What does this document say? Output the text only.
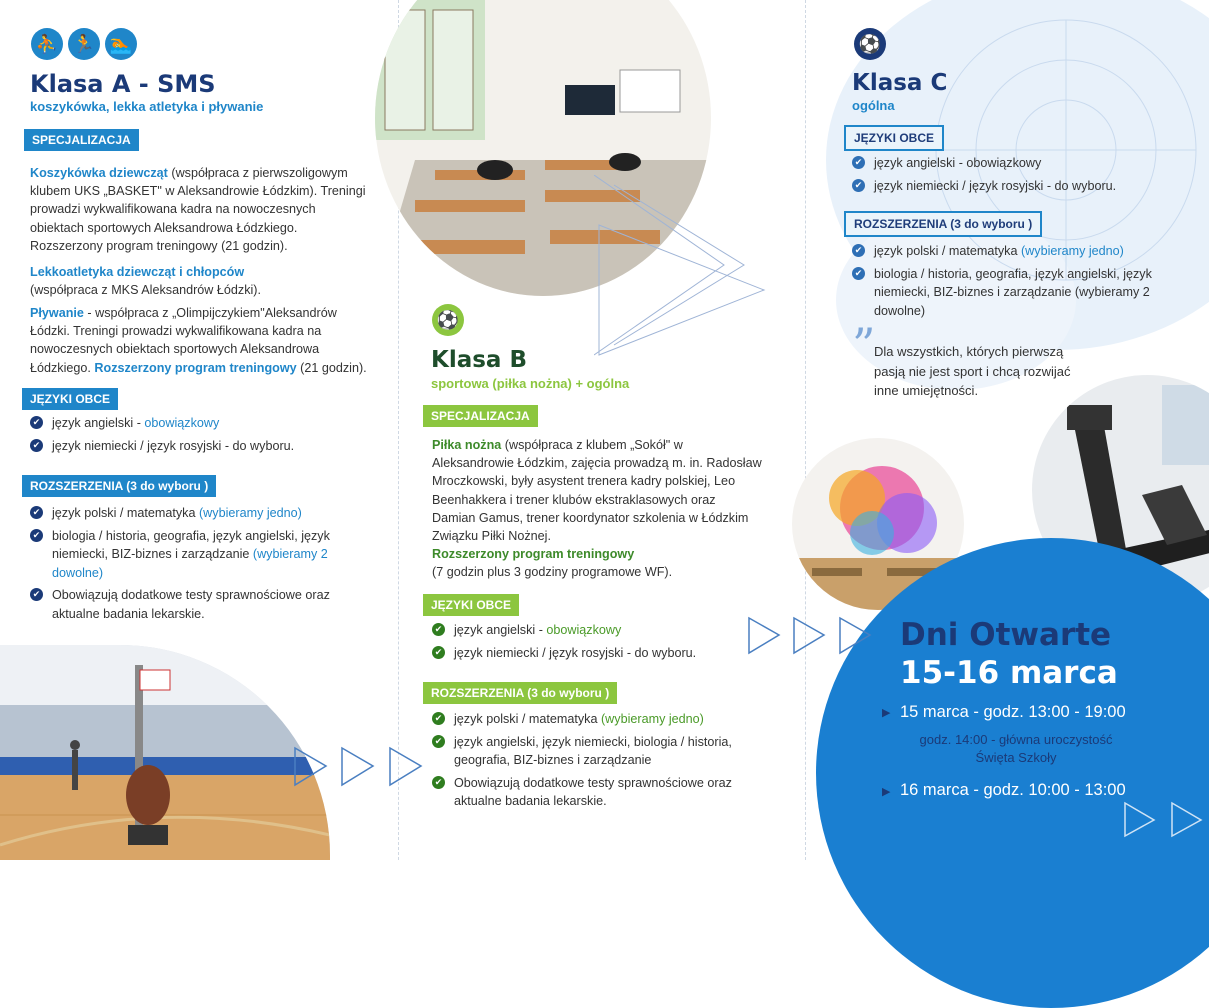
⛹ 🏃 🏊
Klasa A - SMS
koszykówka, lekka atletyka i pływanie
SPECJALIZACJA

Koszykówka dziewcząt (współpraca z pierwszoligowym klubem UKS „BASKET" w Aleksandrowie Łódzkim). Treningi prowadzi wykwalifikowana kadra na nowoczesnych obiektach sportowych Aleksandrowa Łódzkiego. Rozszerzony program treningowy (21 godzin).

Lekkoatletyka dziewcząt i chłopców
(współpraca z MKS Aleksandrów Łódzki).

Pływanie - współpraca z „Olimpijczykiem"Aleksandrów Łódzki. Treningi prowadzi wykwalifikowana kadra na nowoczesnych obiektach sportowych Aleksandrowa Łódzkiego. Rozszerzony program treningowy (21 godzin).

JĘZYKI OBCE
✔ język angielski - obowiązkowy
✔ język niemiecki / język rosyjski - do wyboru.
ROZSZERZENIA (3 do wyboru )
✔ język polski / matematyka (wybieramy jedno)
✔ biologia / historia, geografia, język angielski, język niemiecki, BIZ-biznes i zarządzanie (wybieramy 2 dowolne)
✔ Obowiązują dodatkowe testy sprawnościowe oraz aktualne badania lekarskie.
⚽
Klasa B
sportowa (piłka nożna) + ogólna
SPECJALIZACJA

Piłka nożna (współpraca z klubem „Sokół" w Aleksandrowie Łódzkim, zajęcia prowadzą m. in. Radosław Mroczkowski, były asystent trenera kadry polskiej, Leo Beenhakkera i trener klubów ekstraklasowych oraz Damian Gamus, trener koordynator szkolenia w Łódzkim Związku Piłki Nożnej.
Rozszerzony program treningowy
(7 godzin plus 3 godziny programowe WF).

JĘZYKI OBCE
✔ język angielski - obowiązkowy
✔ język niemiecki / język rosyjski - do wyboru.
ROZSZERZENIA (3 do wyboru )
✔ język polski / matematyka (wybieramy jedno)
✔ język angielski, język niemiecki, biologia / historia, geografia, BIZ-biznes i zarządzanie
✔ Obowiązują dodatkowe testy sprawnościowe oraz aktualne badania lekarskie.
⚽
Klasa C
ogólna
JĘZYKI OBCE
✔ język angielski - obowiązkowy
✔ język niemiecki / język rosyjski - do wyboru.
ROZSZERZENIA (3 do wyboru )
✔ język polski / matematyka (wybieramy jedno)
✔ biologia / historia, geografia, język angielski, język niemiecki, BIZ-biznes i zarządzanie (wybieramy 2 dowolne)
”

Dla wszystkich, których pierwszą pasją nie jest sport i chcą rozwijać inne umiejętności.

Dni Otwarte
15-16 marca
▶ 15 marca - godz. 13:00 - 19:00
godz. 14:00 - główna uroczystość Święta Szkoły
▶ 16 marca - godz. 10:00 - 13:00
